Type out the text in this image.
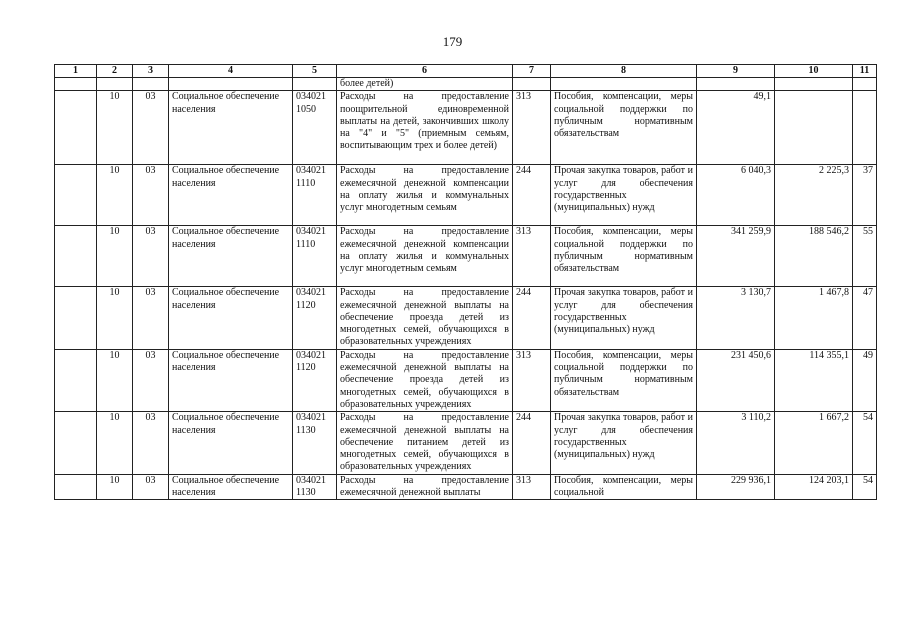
179
1	2	3	4	5	6	7	8	9	10	11
					более детей)					
	10	03	Социальное обеспечение населения	034021 1050	Расходы на предоставление поощрительной единовременной выплаты на детей, закончивших школу на "4" и "5" (приемным семьям, воспитывающим трех и более детей)	313	Пособия, компенсации, меры социальной поддержки по публичным нормативным обязательствам	49,1		
	10	03	Социальное обеспечение населения	034021 1110	Расходы на предоставление ежемесячной денежной компенсации на оплату жилья и коммунальных услуг многодетным семьям	244	Прочая закупка товаров, работ и услуг для обеспечения государственных (муниципальных) нужд	6 040,3	2 225,3	37
	10	03	Социальное обеспечение населения	034021 1110	Расходы на предоставление ежемесячной денежной компенсации на оплату жилья и коммунальных услуг многодетным семьям	313	Пособия, компенсации, меры социальной поддержки по публичным нормативным обязательствам	341 259,9	188 546,2	55
	10	03	Социальное обеспечение населения	034021 1120	Расходы на предоставление ежемесячной денежной выплаты на обеспечение проезда детей из многодетных семей, обучающихся в образовательных учреждениях	244	Прочая закупка товаров, работ и услуг для обеспечения государственных (муниципальных) нужд	3 130,7	1 467,8	47
	10	03	Социальное обеспечение населения	034021 1120	Расходы на предоставление ежемесячной денежной выплаты на обеспечение проезда детей из многодетных семей, обучающихся в образовательных учреждениях	313	Пособия, компенсации, меры социальной поддержки по публичным нормативным обязательствам	231 450,6	114 355,1	49
	10	03	Социальное обеспечение населения	034021 1130	Расходы на предоставление ежемесячной денежной выплаты на обеспечение питанием детей из многодетных семей, обучающихся в образовательных учреждениях	244	Прочая закупка товаров, работ и услуг для обеспечения государственных (муниципальных) нужд	3 110,2	1 667,2	54
	10	03	Социальное обеспечение населения	034021 1130	Расходы на предоставление ежемесячной денежной выплаты	313	Пособия, компенсации, меры социальной	229 936,1	124 203,1	54
